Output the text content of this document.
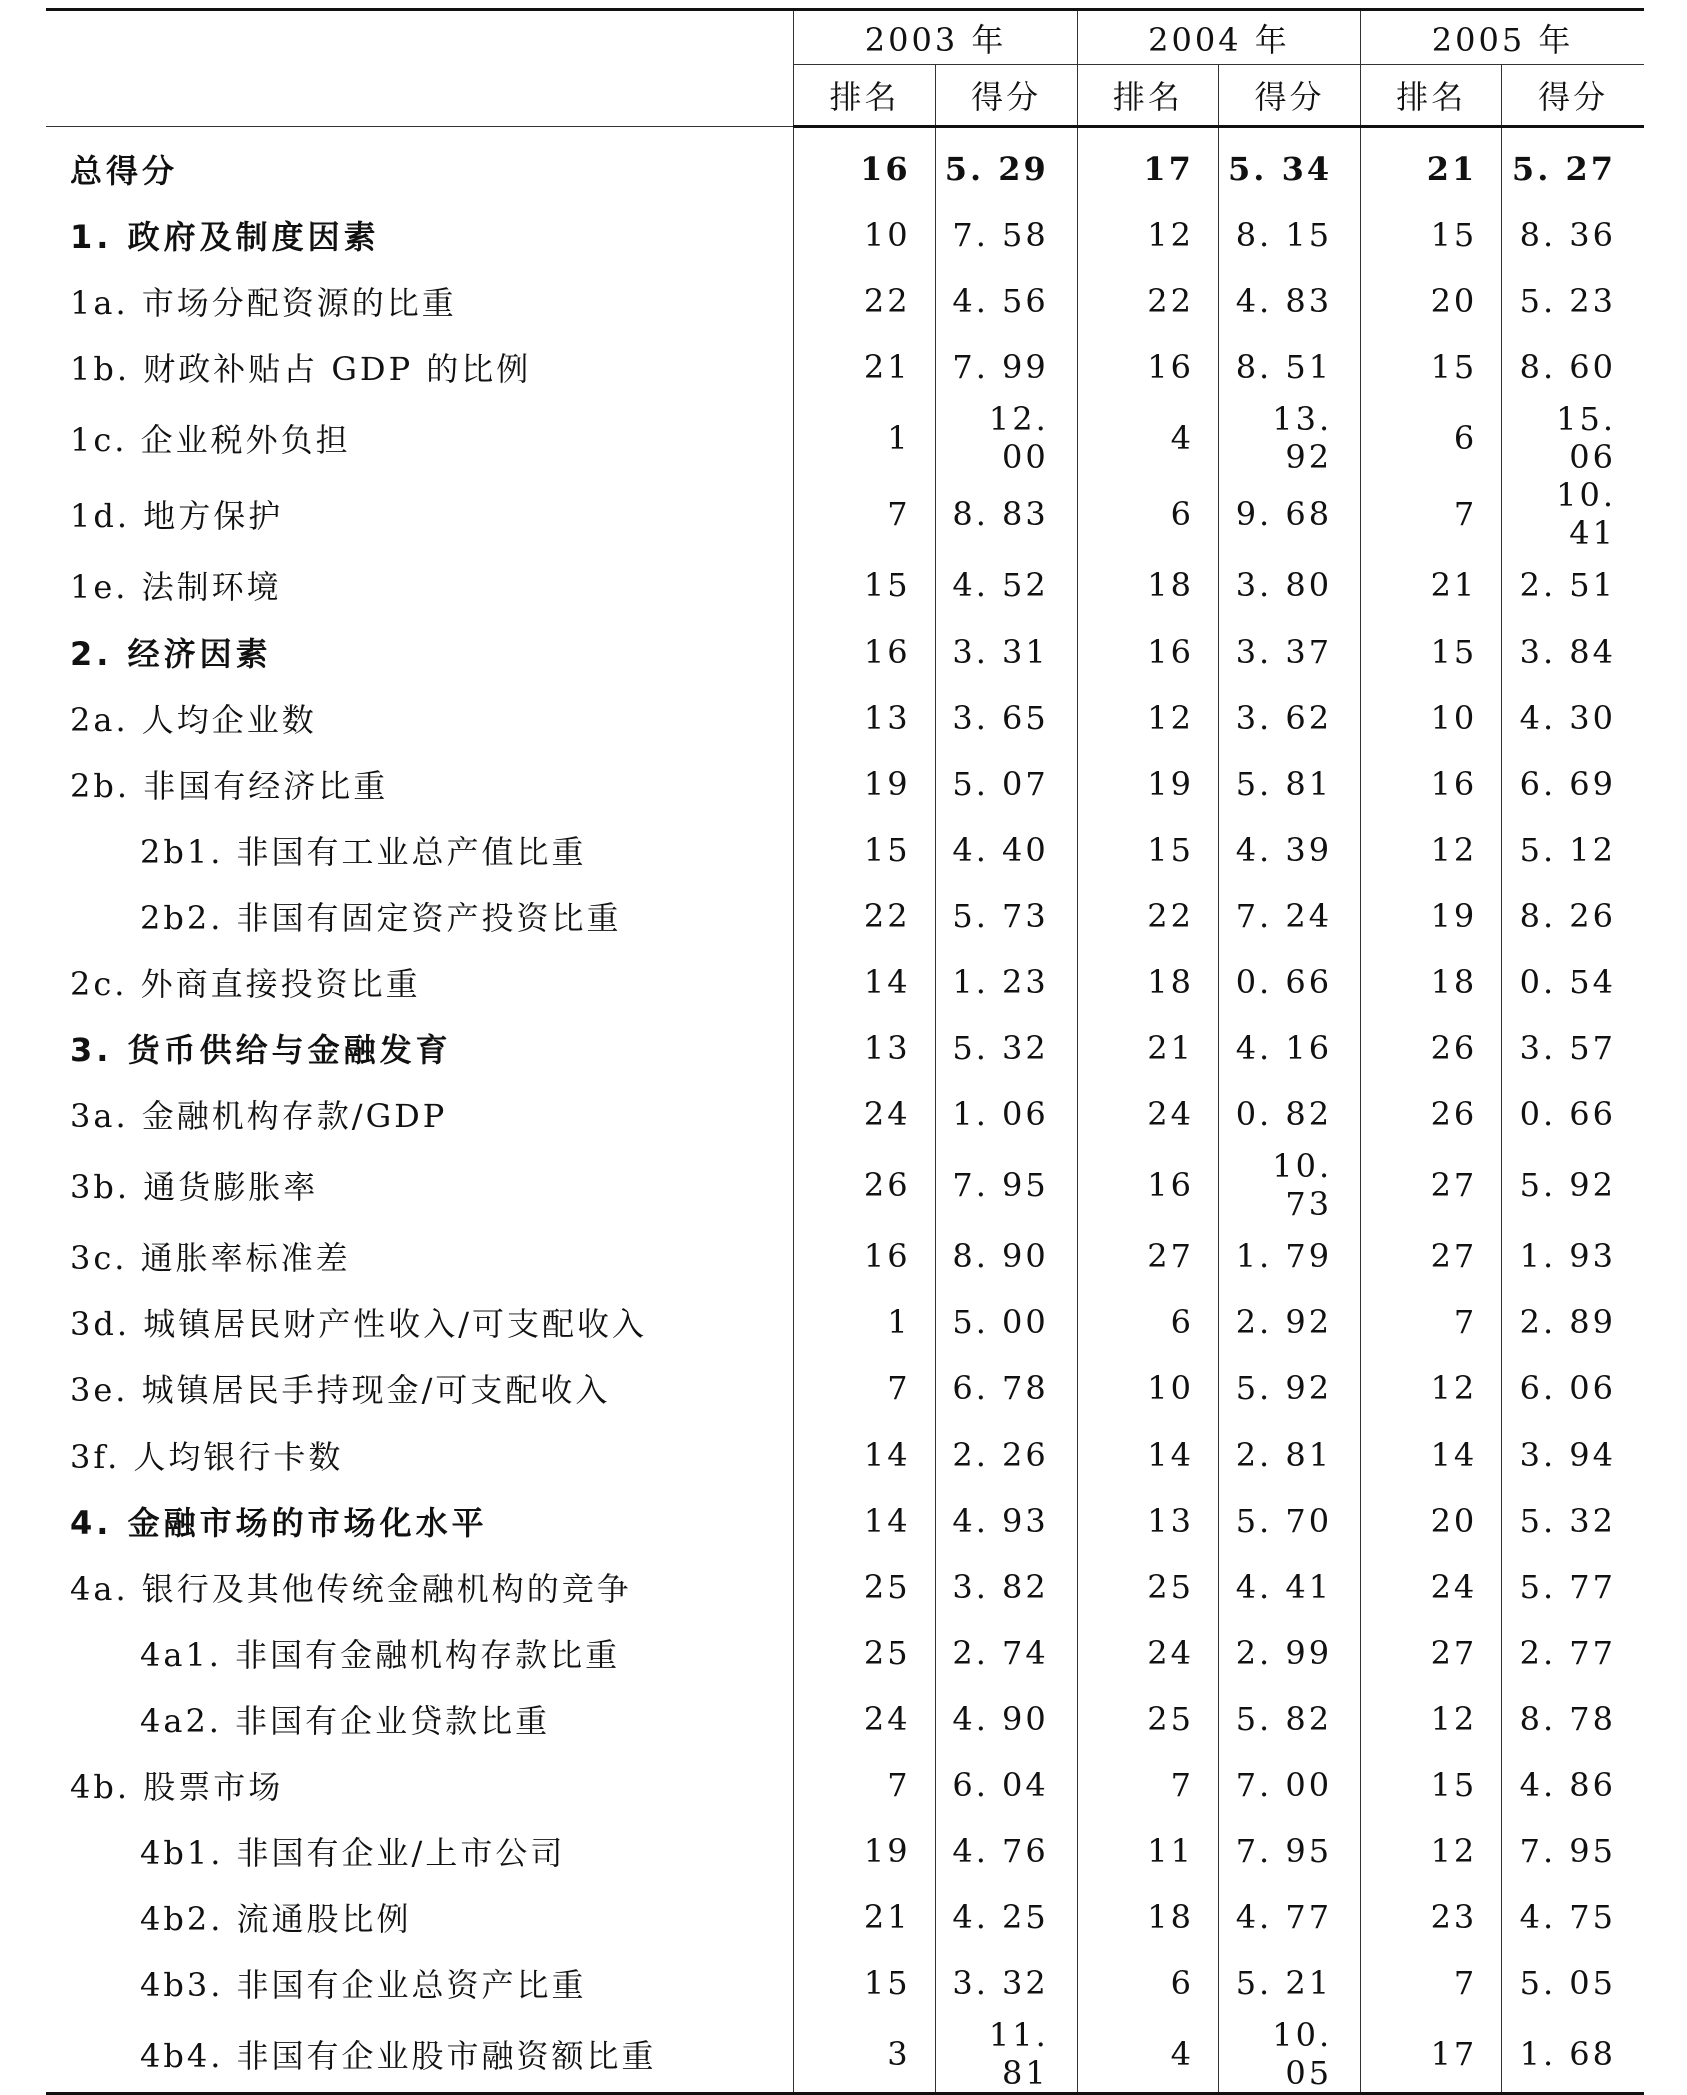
	2003 年		2004 年		2005 年	
	排名	得分	排名	得分	排名	得分
总得分	16	5. 29	17	5. 34	21	5. 27
1. 政府及制度因素	10	7. 58	12	8. 15	15	8. 36
1a. 市场分配资源的比重	22	4. 56	22	4. 83	20	5. 23
1b. 财政补贴占 GDP 的比例	21	7. 99	16	8. 51	15	8. 60
1c. 企业税外负担	1	12. 00	4	13. 92	6	15. 06
1d. 地方保护	7	8. 83	6	9. 68	7	10. 41
1e. 法制环境	15	4. 52	18	3. 80	21	2. 51
2. 经济因素	16	3. 31	16	3. 37	15	3. 84
2a. 人均企业数	13	3. 65	12	3. 62	10	4. 30
2b. 非国有经济比重	19	5. 07	19	5. 81	16	6. 69
2b1. 非国有工业总产值比重	15	4. 40	15	4. 39	12	5. 12
2b2. 非国有固定资产投资比重	22	5. 73	22	7. 24	19	8. 26
2c. 外商直接投资比重	14	1. 23	18	0. 66	18	0. 54
3. 货币供给与金融发育	13	5. 32	21	4. 16	26	3. 57
3a. 金融机构存款/GDP	24	1. 06	24	0. 82	26	0. 66
3b. 通货膨胀率	26	7. 95	16	10. 73	27	5. 92
3c. 通胀率标准差	16	8. 90	27	1. 79	27	1. 93
3d. 城镇居民财产性收入/可支配收入	1	5. 00	6	2. 92	7	2. 89
3e. 城镇居民手持现金/可支配收入	7	6. 78	10	5. 92	12	6. 06
3f. 人均银行卡数	14	2. 26	14	2. 81	14	3. 94
4. 金融市场的市场化水平	14	4. 93	13	5. 70	20	5. 32
4a. 银行及其他传统金融机构的竞争	25	3. 82	25	4. 41	24	5. 77
4a1. 非国有金融机构存款比重	25	2. 74	24	2. 99	27	2. 77
4a2. 非国有企业贷款比重	24	4. 90	25	5. 82	12	8. 78
4b. 股票市场	7	6. 04	7	7. 00	15	4. 86
4b1. 非国有企业/上市公司	19	4. 76	11	7. 95	12	7. 95
4b2. 流通股比例	21	4. 25	18	4. 77	23	4. 75
4b3. 非国有企业总资产比重	15	3. 32	6	5. 21	7	5. 05
4b4. 非国有企业股市融资额比重	3	11. 81	4	10. 05	17	1. 68
